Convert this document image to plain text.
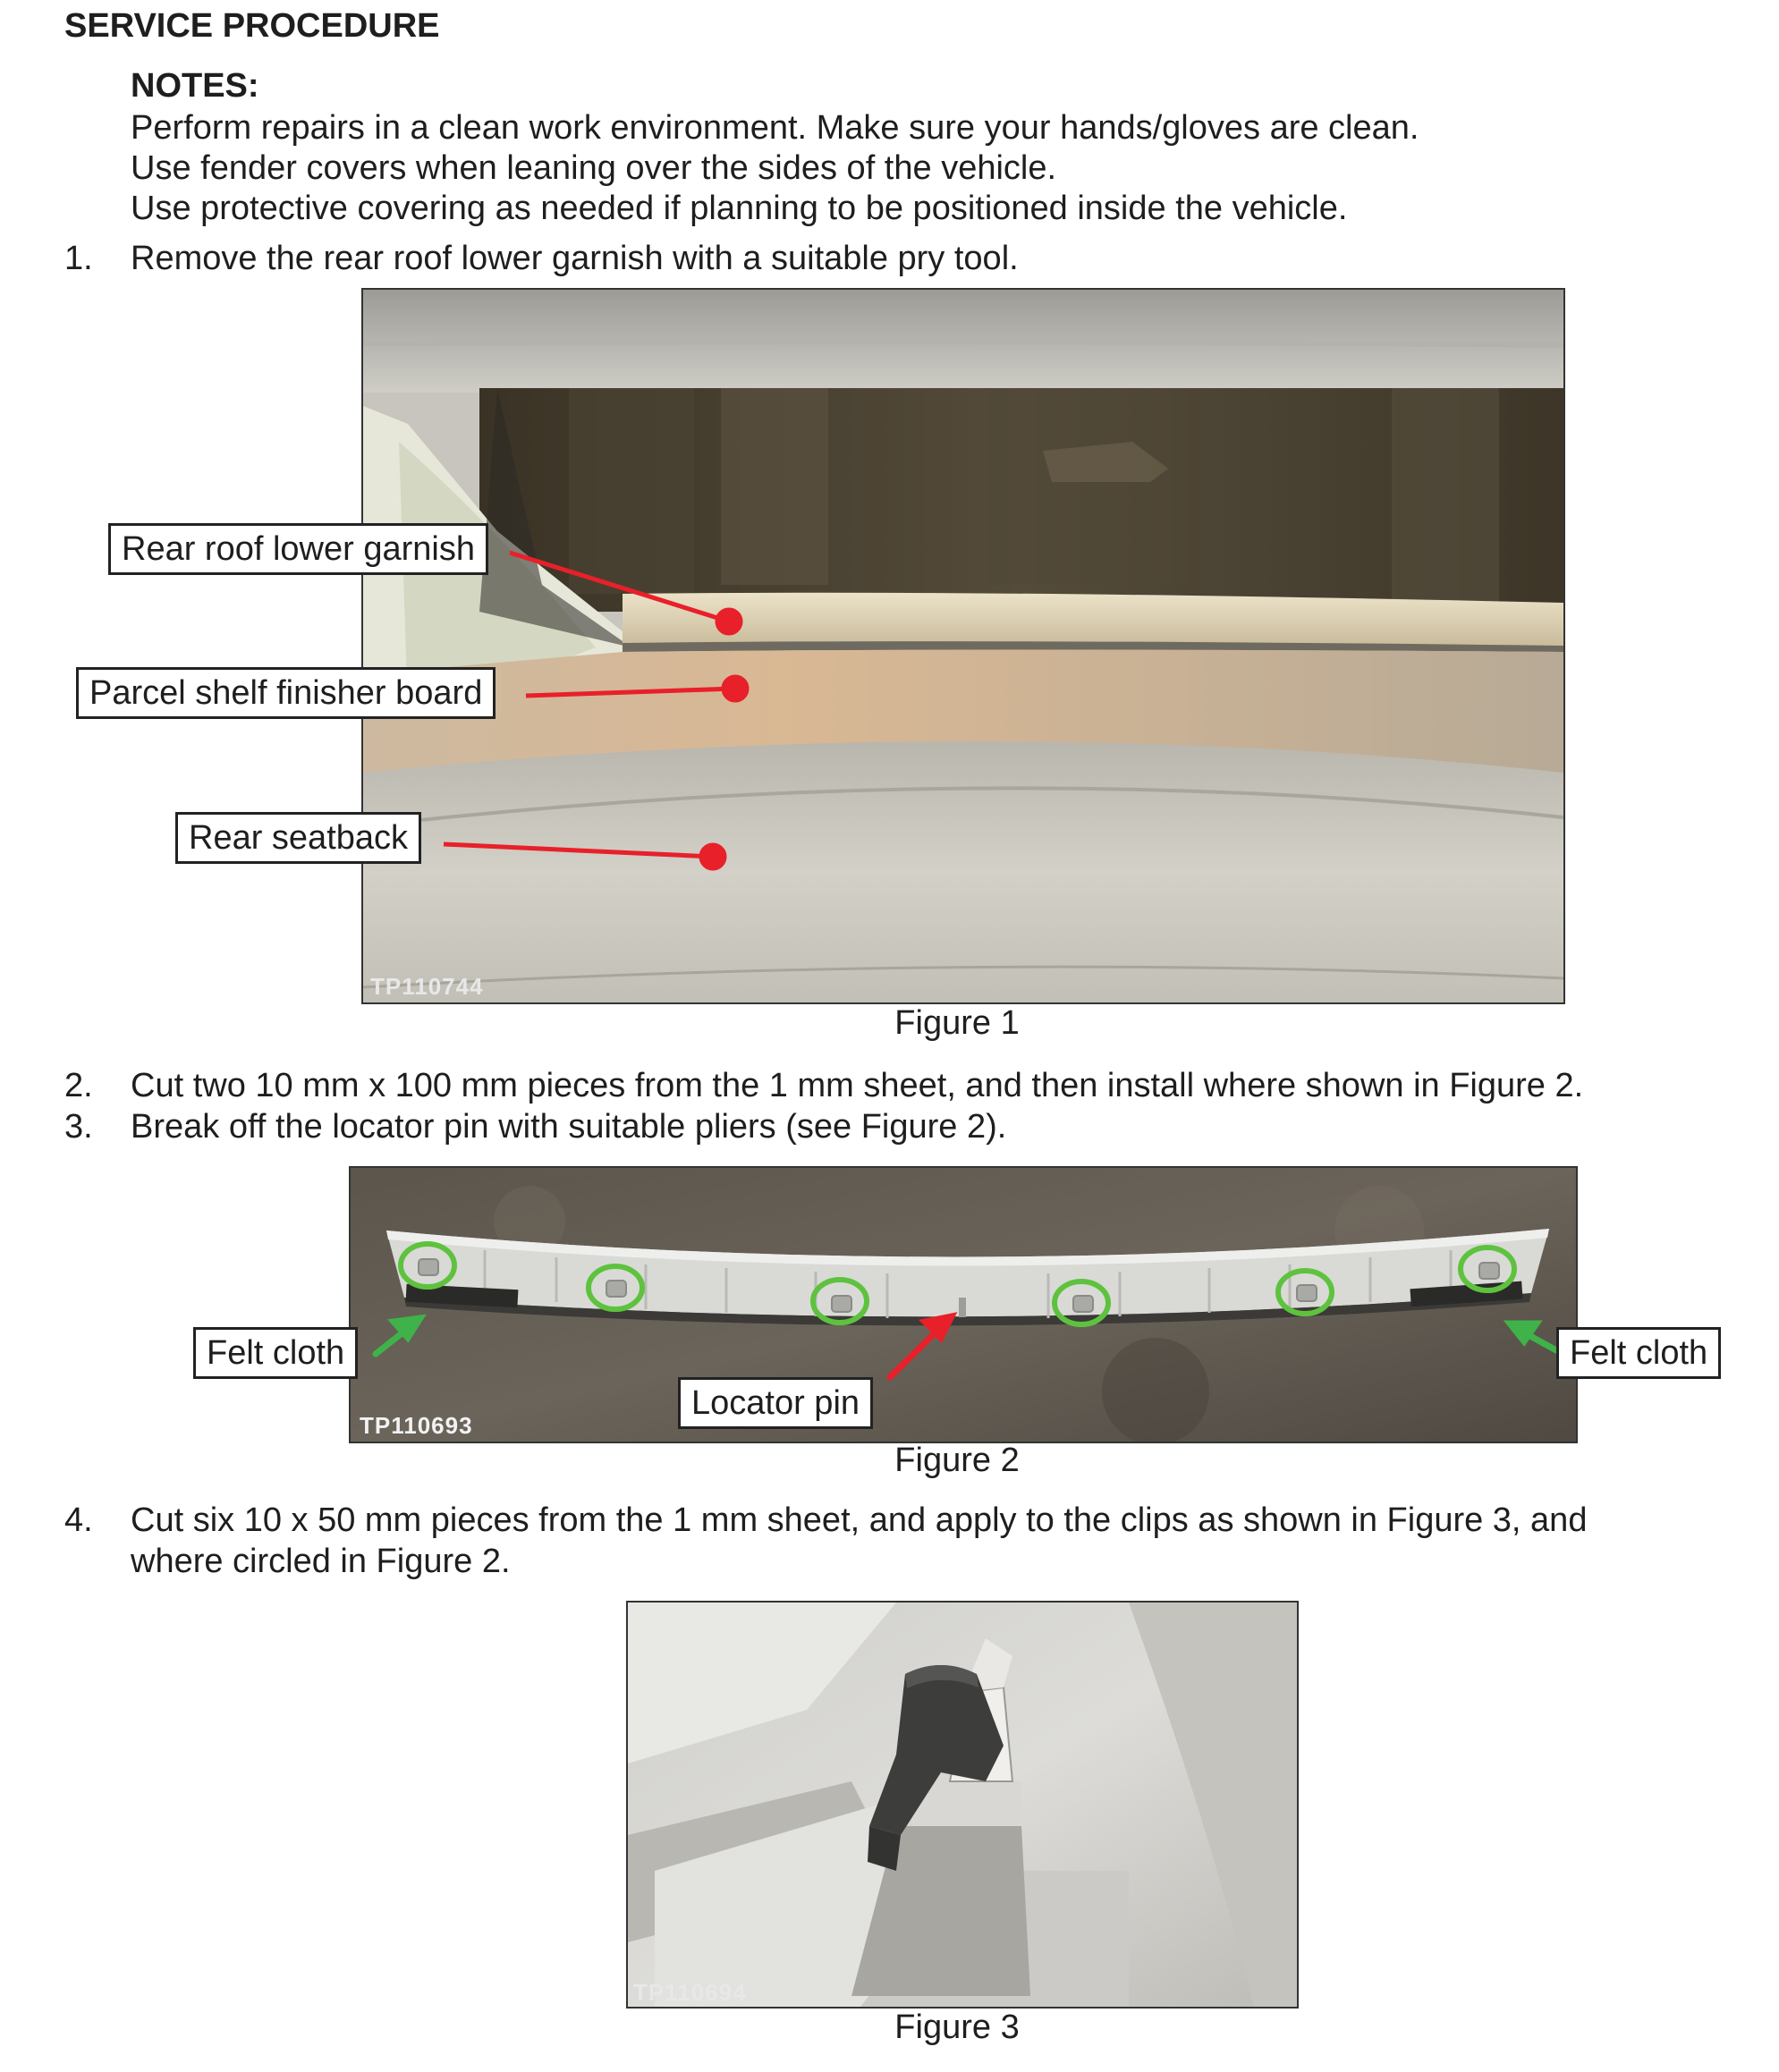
SERVICE PROCEDURE
NOTES:
Perform repairs in a clean work environment. Make sure your hands/gloves are clean.
Use fender covers when leaning over the sides of the vehicle.
Use protective covering as needed if planning to be positioned inside the vehicle.
1.	Remove the rear roof lower garnish with a suitable pry tool.
TP110744
Figure 1
Rear roof lower garnish
Parcel shelf finisher board
Rear seatback
2.	Cut two 10 mm x 100 mm pieces from the 1 mm sheet, and then install where shown in Figure 2.
3.	Break off the locator pin with suitable pliers (see Figure 2).
TP110693
Figure 2
Felt cloth
Locator pin
Felt cloth
4.	Cut six 10 x 50 mm pieces from the 1 mm sheet, and apply to the clips as shown in Figure 3, and
where circled in Figure 2.
TP110694
Figure 3
